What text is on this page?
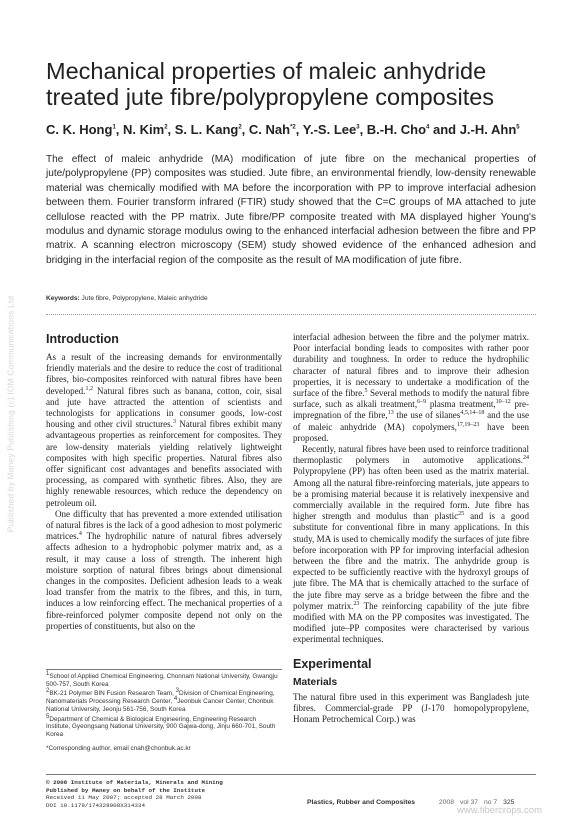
Published by Maney Publishing (c) IOM Communications Ltd
Mechanical properties of maleic anhydride treated jute fibre/polypropylene composites
C. K. Hong$^1$, N. Kim$^2$, S. L. Kang$^2$, C. Nah$^{*2}$, Y.-S. Lee$^3$, B.-H. Cho$^4$ and J.-H. Ahn$^5$

The effect of maleic anhydride (MA) modification of jute fibre on the mechanical properties of jute/polypropylene (PP) composites was studied. Jute fibre, an environmental friendly, low-density renewable material was chemically modified with MA before the incorporation with PP to improve interfacial adhesion between them. Fourier transform infrared (FTIR) study showed that the C=C groups of MA attached to jute cellulose reacted with the PP matrix. Jute fibre/PP composite treated with MA displayed higher Young's modulus and dynamic storage modulus owing to the enhanced interfacial adhesion between the fibre and PP matrix. A scanning electron microscopy (SEM) study showed evidence of the enhanced adhesion and bridging in the interfacial region of the composite as the result of MA modification of jute fibre.

Keywords: Jute fibre, Polypropylene, Maleic anhydride

Introduction

As a result of the increasing demands for environmentally friendly materials and the desire to reduce the cost of traditional fibres, bio-composites reinforced with natural fibres have been developed.$^{1,2}$ Natural fibres such as banana, cotton, coir, sisal and jute have attracted the attention of scientists and technologists for applications in consumer goods, low-cost housing and other civil structures.$^3$ Natural fibres exhibit many advantageous properties as reinforcement for composites. They are low-density materials yielding relatively lightweight composites with high specific properties. Natural fibres also offer significant cost advantages and benefits associated with processing, as compared with synthetic fibres. Also, they are highly renewable resources, which reduce the dependency on petroleum oil.

One difficulty that has prevented a more extended utilisation of natural fibres is the lack of a good adhesion to most polymeric matrices.$^4$ The hydrophilic nature of natural fibres adversely affects adhesion to a hydrophobic polymer matrix and, as a result, it may cause a loss of strength. The inherent high moisture sorption of natural fibres brings about dimensional changes in the composites. Deficient adhesion leads to a weak load transfer from the matrix to the fibres, and this, in turn, induces a low reinforcing effect. The mechanical properties of a fibre-reinforced polymer composite depend not only on the properties of constituents, but also on the

interfacial adhesion between the fibre and the polymer matrix. Poor interfacial bonding leads to composites with rather poor durability and toughness. In order to reduce the hydrophilic character of natural fibres and to improve their adhesion properties, it is necessary to undertake a modification of the surface of the fibre.$^5$ Several methods to modify the natural fibre surface, such as alkali treatment,$^{6-9}$ plasma treatment,$^{10-12}$ pre-impregnation of the fibre,$^{13}$ the use of silanes$^{4,5,14-18}$ and the use of maleic anhydride (MA) copolymers,$^{17,19-23}$ have been proposed.

Recently, natural fibres have been used to reinforce traditional thermoplastic polymers in automotive applications.$^{24}$ Polypropylene (PP) has often been used as the matrix material. Among all the natural fibre-reinforcing materials, jute appears to be a promising material because it is relatively inexpensive and commercially available in the required form. Jute fibre has higher strength and modulus than plastic$^{25}$ and is a good substitute for conventional fibre in many applications. In this study, MA is used to chemically modify the surfaces of jute fibre before incorporation with PP for improving interfacial adhesion between the fibre and the matrix. The anhydride group is expected to be sufficiently reactive with the hydroxyl groups of jute fibre. The MA that is chemically attached to the surface of the jute fibre may serve as a bridge between the fibre and the polymer matrix.$^{23}$ The reinforcing capability of the jute fibre modified with MA on the PP composites was investigated. The modified jute–PP composites were characterised by various experimental techniques.

Experimental
Materials

The natural fibre used in this experiment was Bangladesh jute fibres. Commercial-grade PP (J-170 homopolypropylene, Honam Petrochemical Corp.) was

$^1$School of Applied Chemical Engineering, Chonnam National University, Gwangju 500-757, South Korea

$^2$BK-21 Polymer BIN Fusion Research Team, $^3$Division of Chemical Engineering, Nanomaterials Processing Research Center, $^4$Jeonbuk Cancer Center, Chonbuk National University, Jeonju 561-756, South Korea

$^5$Department of Chemical & Biological Engineering, Engineering Research Institute, Gyeongsang National University, 900 Gajwa-dong, Jinju 660-701, South Korea

*Corresponding author, email cnah@chonbuk.ac.kr

© 2008 Institute of Materials, Minerals and Mining
Published by Maney on behalf of the Institute
Received 11 May 2007; accepted 28 March 2008
DOI 10.1179/174328908X314334	Plastics, Rubber and Composites	2008 vol 37 no 7 325
www.fibercrops.com
